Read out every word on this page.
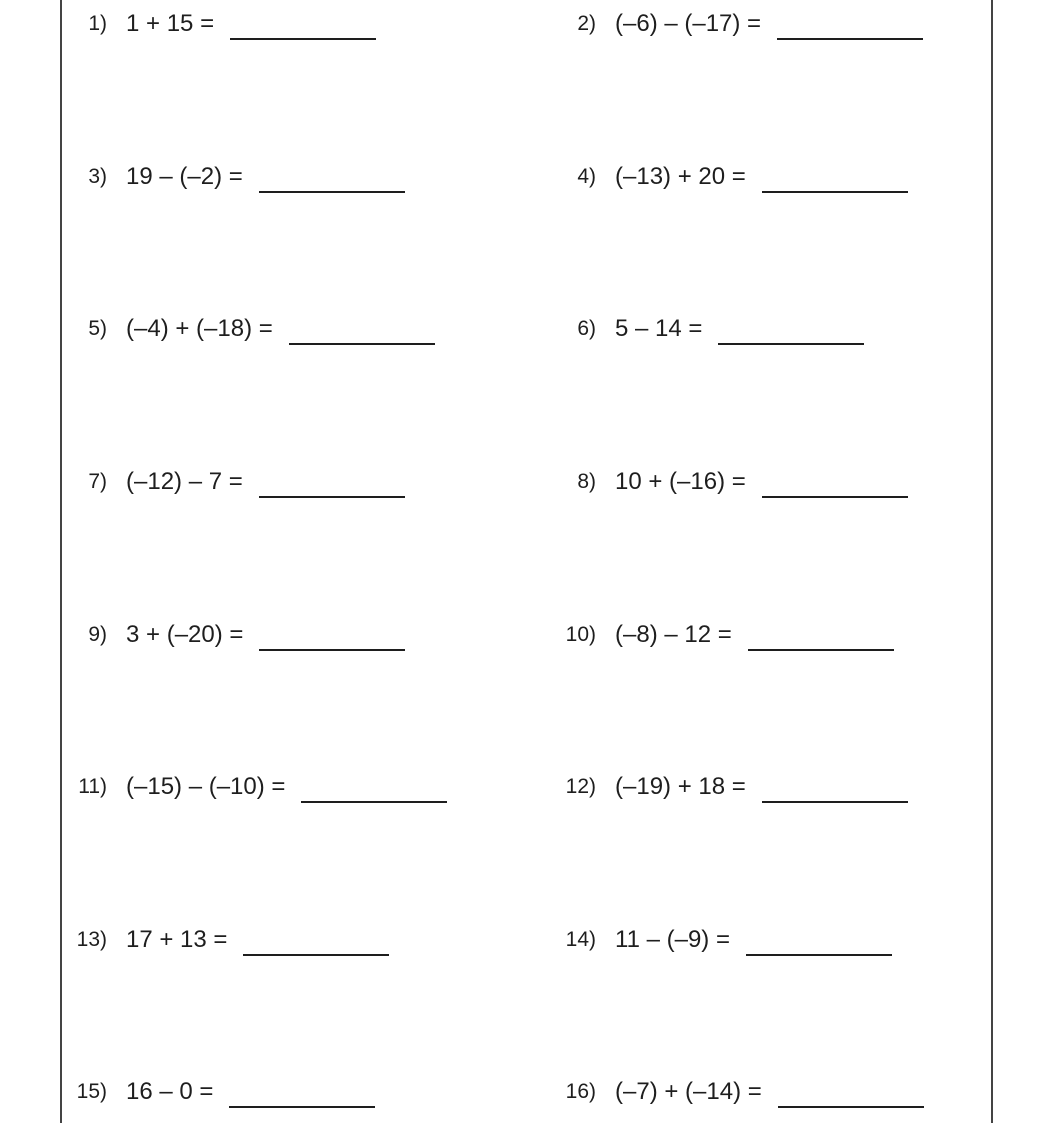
1) 1 + 15 =	2) (–6) – (–17) =
3) 19 – (–2) =	4) (–13) + 20 =
5) (–4) + (–18) =	6) 5 – 14 =
7) (–12) – 7 =	8) 10 + (–16) =
9) 3 + (–20) =	10) (–8) – 12 =
11) (–15) – (–10) =	12) (–19) + 18 =
13) 17 + 13 =	14) 11 – (–9) =
15) 16 – 0 =	16) (–7) + (–14) =
